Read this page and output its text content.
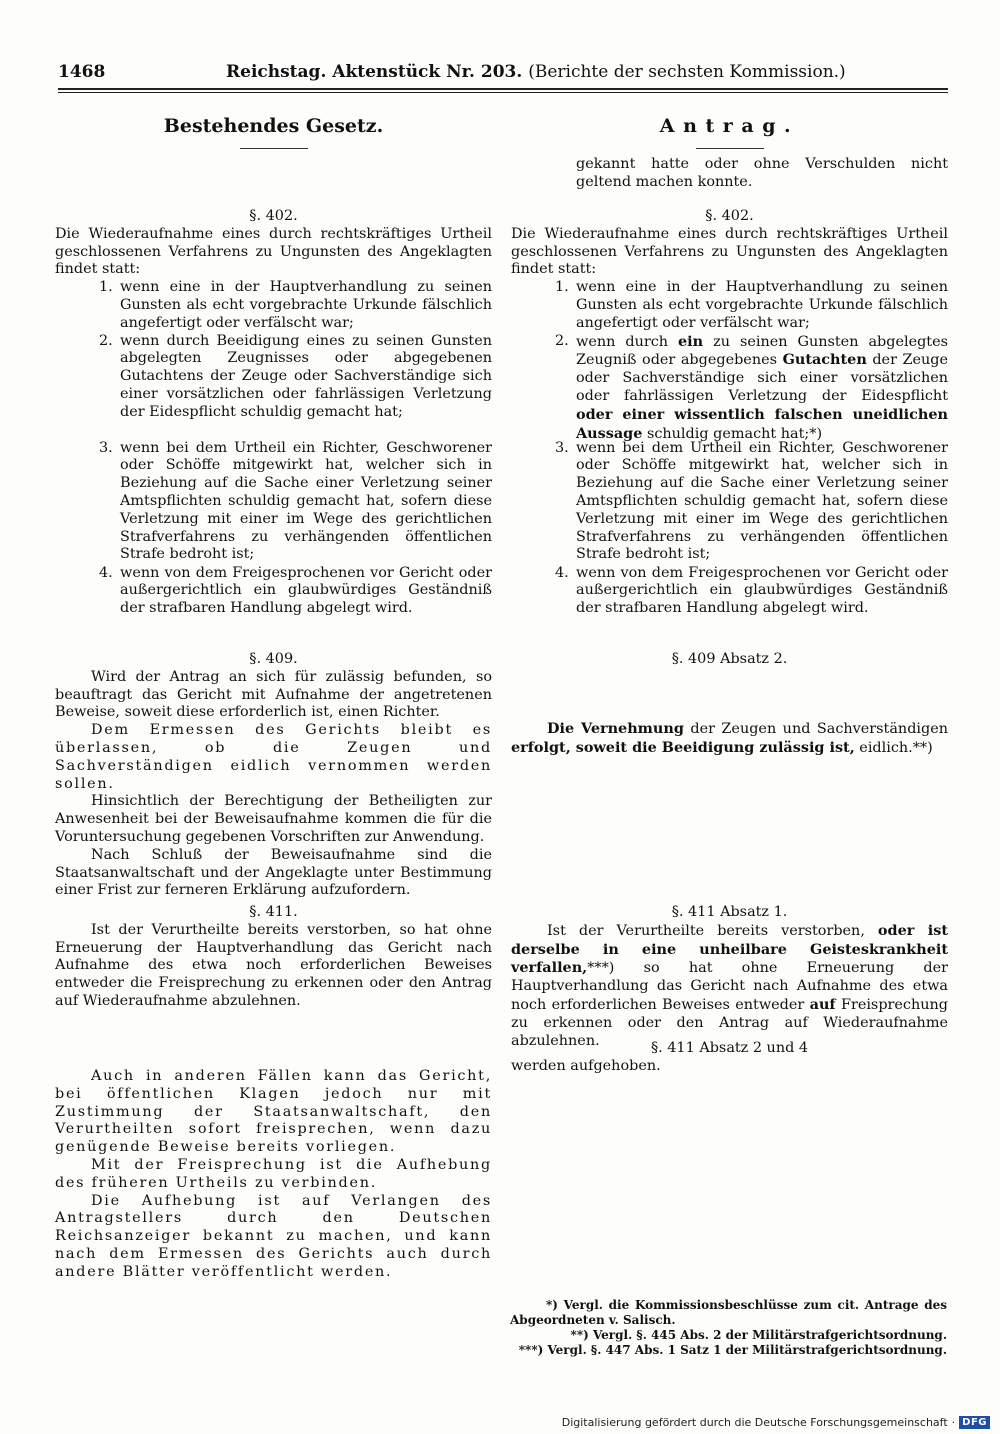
1468	Reichstag. Aktenstück Nr. 203. (Berichte der sechsten Kommission.)
Bestehendes Gesetz.
§. 402.

Die Wiederaufnahme eines durch rechtskräftiges Urtheil geschlossenen Verfahrens zu Ungunsten des Angeklagten findet statt:

1. wenn eine in der Hauptverhandlung zu seinen Gunsten als echt vorgebrachte Urkunde fälschlich angefertigt oder verfälscht war;
2. wenn durch Beeidigung eines zu seinen Gunsten abgelegten Zeugnisses oder abgegebenen Gutachtens der Zeuge oder Sachverständige sich einer vorsätzlichen oder fahrlässigen Verletzung der Eidespflicht schuldig gemacht hat;
3. wenn bei dem Urtheil ein Richter, Geschworener oder Schöffe mitgewirkt hat, welcher sich in Beziehung auf die Sache einer Verletzung seiner Amtspflichten schuldig gemacht hat, sofern diese Verletzung mit einer im Wege des gerichtlichen Strafverfahrens zu verhängenden öffentlichen Strafe bedroht ist;
4. wenn von dem Freigesprochenen vor Gericht oder außergerichtlich ein glaubwürdiges Geständniß der strafbaren Handlung abgelegt wird.
§. 409.

Wird der Antrag an sich für zulässig befunden, so beauftragt das Gericht mit Aufnahme der angetretenen Beweise, soweit diese erforderlich ist, einen Richter.

Dem Ermessen des Gerichts bleibt es überlassen, ob die Zeugen und Sachverständigen eidlich vernommen werden sollen.

Hinsichtlich der Berechtigung der Betheiligten zur Anwesenheit bei der Beweisaufnahme kommen die für die Voruntersuchung gegebenen Vorschriften zur Anwendung.

Nach Schluß der Beweisaufnahme sind die Staatsanwaltschaft und der Angeklagte unter Bestimmung einer Frist zur ferneren Erklärung aufzufordern.

§. 411.

Ist der Verurtheilte bereits verstorben, so hat ohne Erneuerung der Hauptverhandlung das Gericht nach Aufnahme des etwa noch erforderlichen Beweises entweder die Freisprechung zu erkennen oder den Antrag auf Wiederaufnahme abzulehnen.

Auch in anderen Fällen kann das Gericht, bei öffentlichen Klagen jedoch nur mit Zustimmung der Staatsanwaltschaft, den Verurtheilten sofort freisprechen, wenn dazu genügende Beweise bereits vorliegen.

Mit der Freisprechung ist die Aufhebung des früheren Urtheils zu verbinden.

Die Aufhebung ist auf Verlangen des Antragstellers durch den Deutschen Reichsanzeiger bekannt zu machen, und kann nach dem Ermessen des Gerichts auch durch andere Blätter veröffentlicht werden.

Antrag.

gekannt hatte oder ohne Verschulden nicht geltend machen konnte.

§. 402.

Die Wiederaufnahme eines durch rechtskräftiges Urtheil geschlossenen Verfahrens zu Ungunsten des Angeklagten findet statt:

1. wenn eine in der Hauptverhandlung zu seinen Gunsten als echt vorgebrachte Urkunde fälschlich angefertigt oder verfälscht war;
2. wenn durch ein zu seinen Gunsten abgelegtes Zeugniß oder abgegebenes Gutachten der Zeuge oder Sachverständige sich einer vorsätzlichen oder fahrlässigen Verletzung der Eidespflicht oder einer wissentlich falschen uneidlichen Aussage schuldig gemacht hat;*)
3. wenn bei dem Urtheil ein Richter, Geschworener oder Schöffe mitgewirkt hat, welcher sich in Beziehung auf die Sache einer Verletzung seiner Amtspflichten schuldig gemacht hat, sofern diese Verletzung mit einer im Wege des gerichtlichen Strafverfahrens zu verhängenden öffentlichen Strafe bedroht ist;
4. wenn von dem Freigesprochenen vor Gericht oder außergerichtlich ein glaubwürdiges Geständniß der strafbaren Handlung abgelegt wird.
§. 409 Absatz 2.

Die Vernehmung der Zeugen und Sachverständigen erfolgt, soweit die Beeidigung zulässig ist, eidlich.**)

§. 411 Absatz 1.

Ist der Verurtheilte bereits verstorben, oder ist derselbe in eine unheilbare Geisteskrankheit verfallen,***) so hat ohne Erneuerung der Hauptverhandlung das Gericht nach Aufnahme des etwa noch erforderlichen Beweises entweder auf Freisprechung zu erkennen oder den Antrag auf Wiederaufnahme abzulehnen.	§. 411 Absatz 2 und 4

werden aufgehoben.

*) Vergl. die Kommissionsbeschlüsse zum cit. Antrage des Abgeordneten v. Salisch.

**) Vergl. §. 445 Abs. 2 der Militärstrafgerichtsordnung.

***) Vergl. §. 447 Abs. 1 Satz 1 der Militärstrafgerichtsordnung.

Digitalisierung gefördert durch die Deutsche Forschungsgemeinschaft · DFG
